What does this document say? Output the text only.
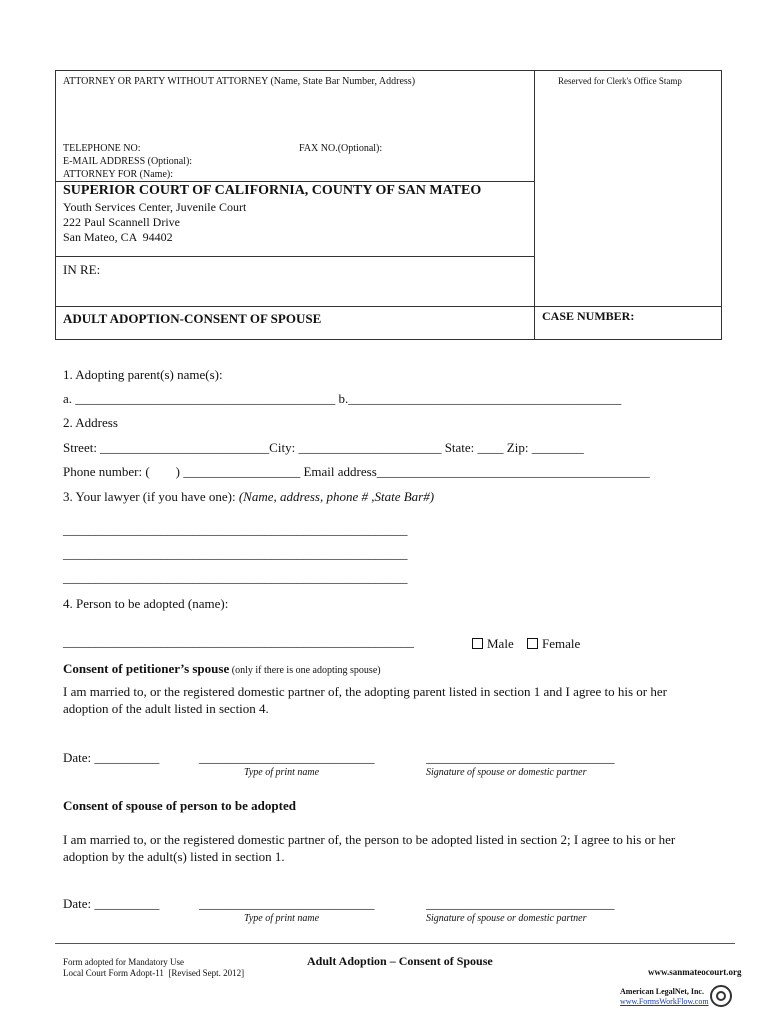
ATTORNEY OR PARTY WITHOUT ATTORNEY (Name, State Bar Number, Address)	Reserved for Clerk's Office Stamp
TELEPHONE NO:	FAX NO.(Optional):
E-MAIL ADDRESS (Optional):
ATTORNEY FOR (Name):
SUPERIOR COURT OF CALIFORNIA, COUNTY OF SAN MATEO
Youth Services Center, Juvenile Court
222 Paul Scannell Drive
San Mateo, CA  94402
IN RE:
ADULT ADOPTION-CONSENT OF SPOUSE	CASE NUMBER:
1. Adopting parent(s) name(s):
a. ________________________________________ b.__________________________________________
2. Address
Street: __________________________City: ______________________ State: ____ Zip: ________
Phone number: (        ) __________________ Email address__________________________________________
3. Your lawyer (if you have one): (Name, address, phone # ,State Bar#)
_____________________________________________________
_____________________________________________________
_____________________________________________________
4. Person to be adopted (name):
______________________________________________________	Male	Female
Consent of petitioner’s spouse (only if there is one adopting spouse)
I am married to, or the registered domestic partner of, the adopting parent listed in section 1 and I agree to his or her
adoption of the adult listed in section 4.
Date: __________	___________________________	_____________________________
Type of print name	Signature of spouse or domestic partner
Consent of spouse of person to be adopted
I am married to, or the registered domestic partner of, the person to be adopted listed in section 2; I agree to his or her
adoption by the adult(s) listed in section 1.
Date: __________	___________________________	_____________________________
Type of print name	Signature of spouse or domestic partner
Form adopted for Mandatory Use
Local Court Form Adopt-11  [Revised Sept. 2012]
Adult Adoption – Consent of Spouse
www.sanmateocourt.org
American LegalNet, Inc.
www.FormsWorkFlow.com
